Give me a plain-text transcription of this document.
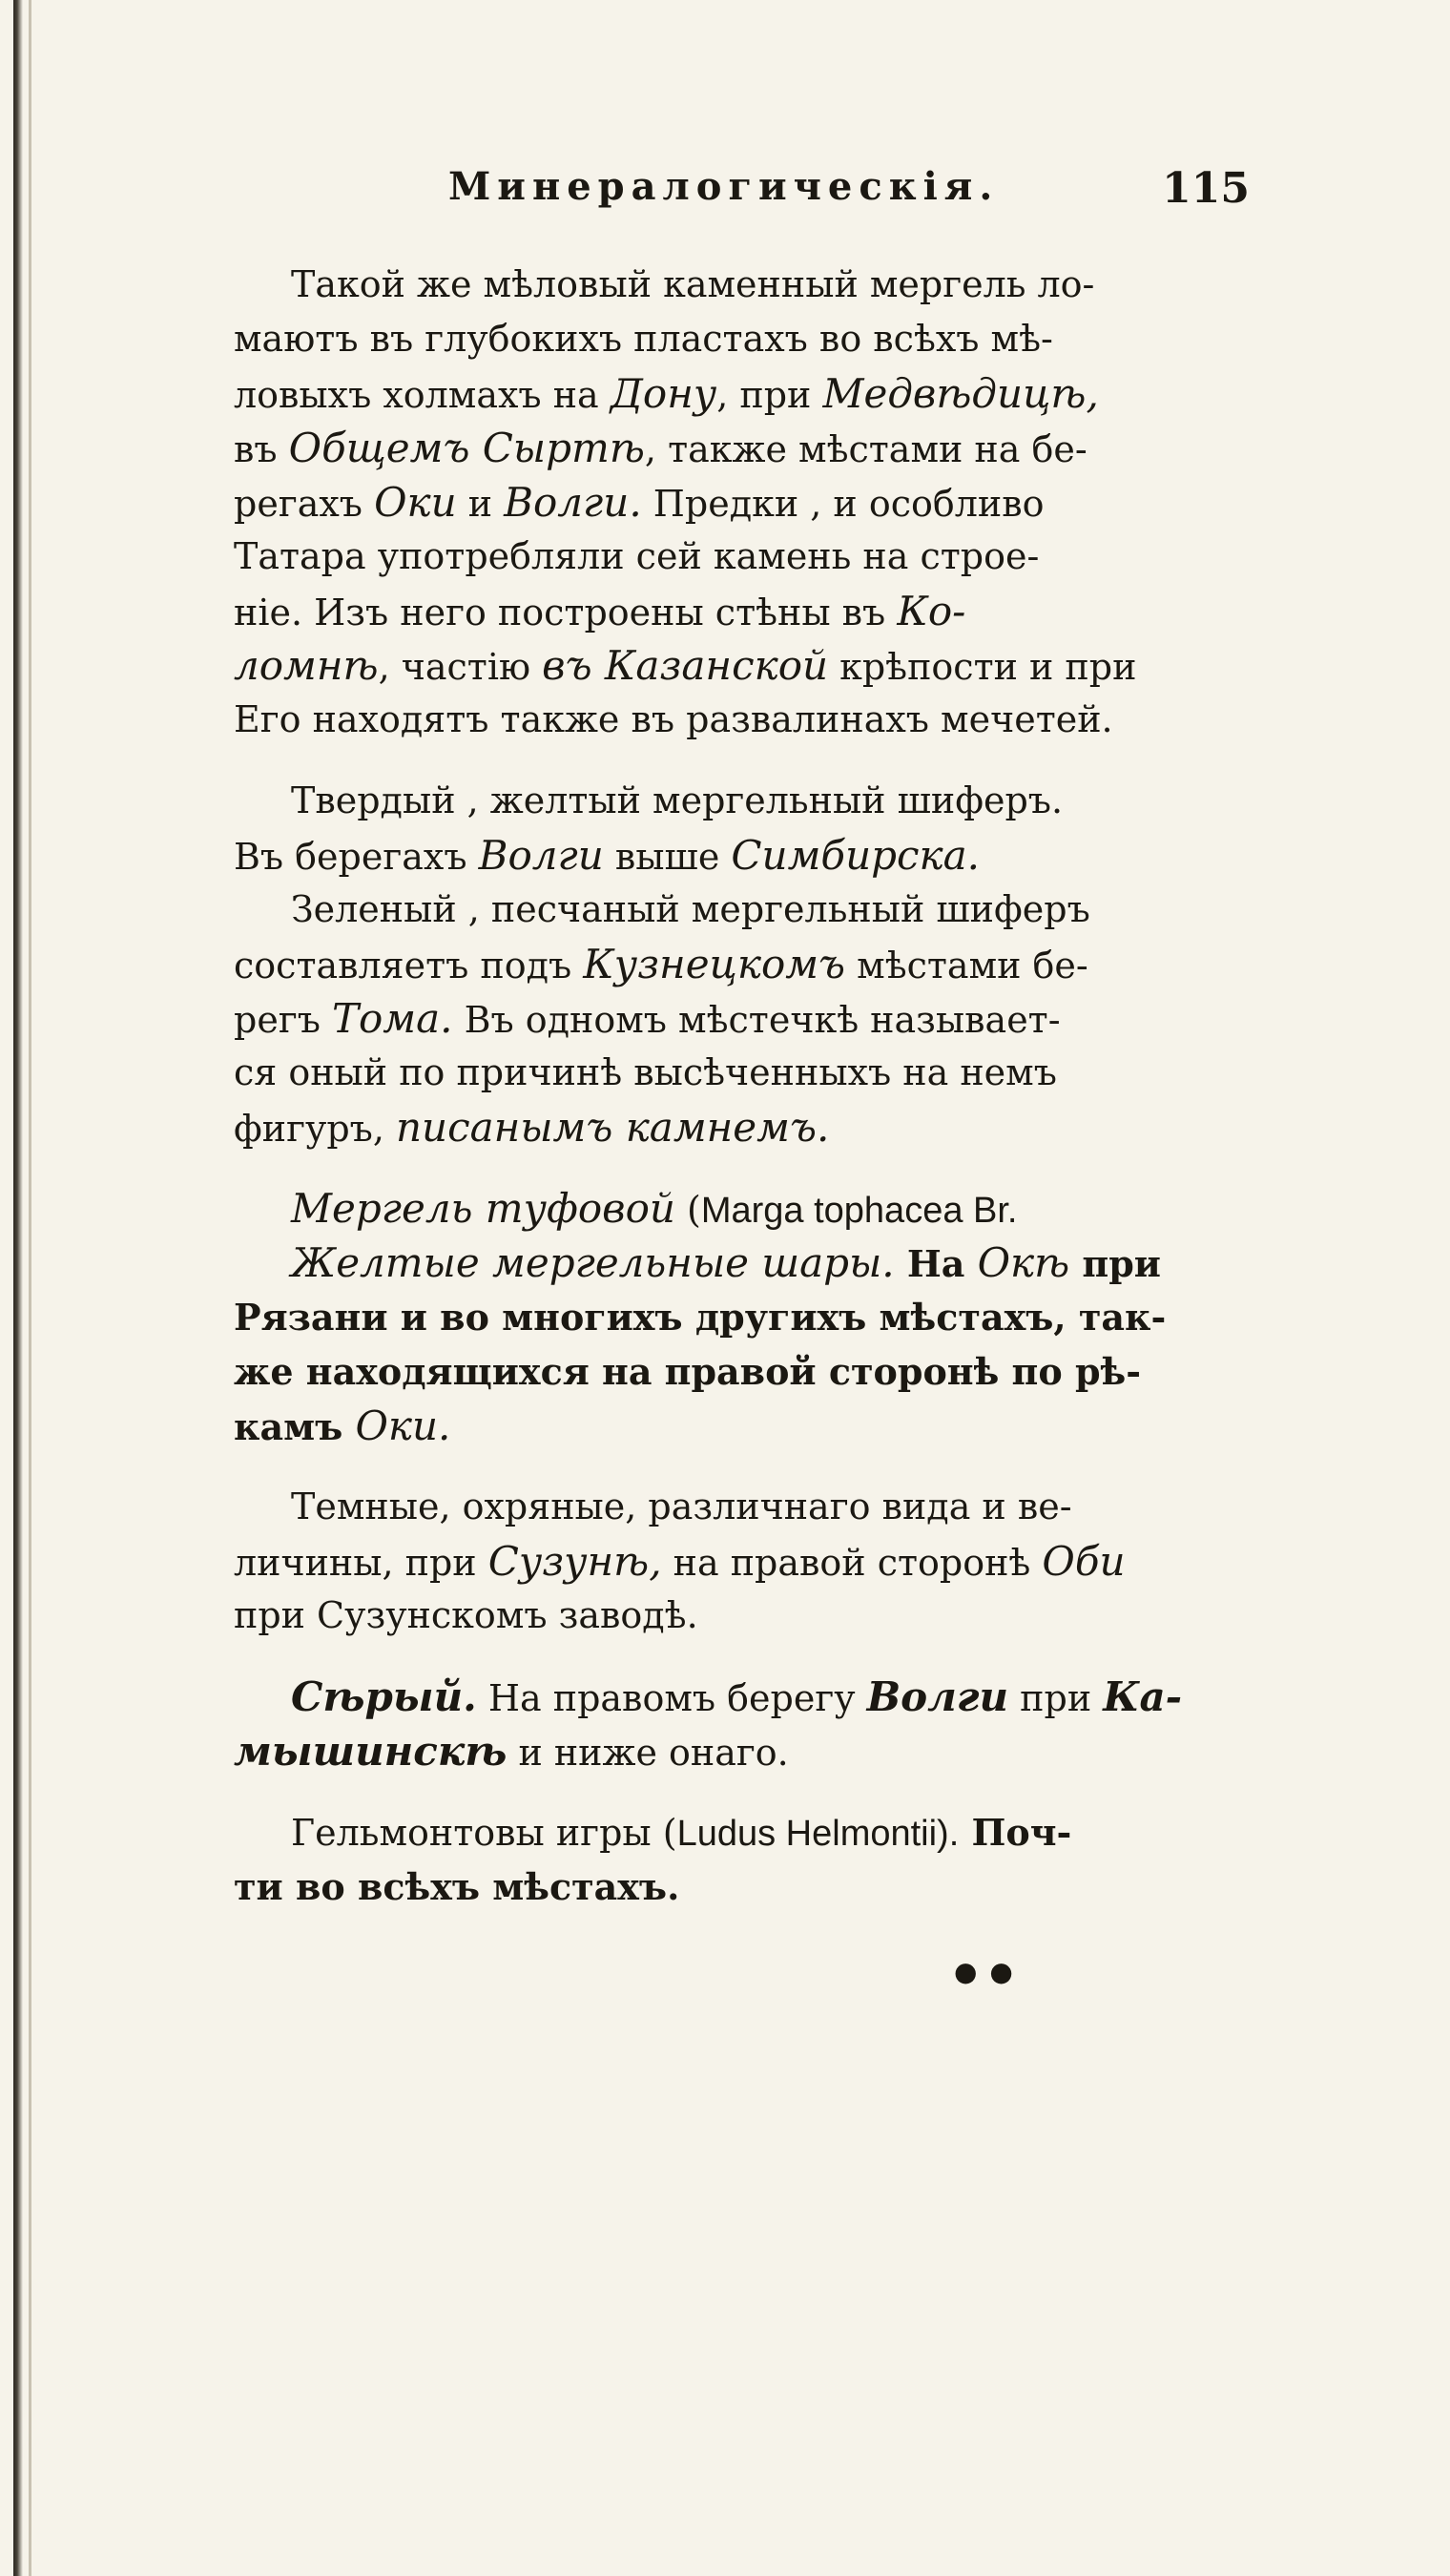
Минералогическія.	115
Такой же мѣловый каменный мергель ло-
маютъ въ глубокихъ пластахъ во всѣхъ мѣ-
ловыхъ холмахъ на Дону, при Медвѣдицѣ,
въ Общемъ Сыртѣ, также мѣстами на бе-
регахъ Оки и Волги. Предки , и особливо
Татара употребляли сей камень на строе-
ніе. Изъ него построены стѣны въ Ко-
ломнѣ, частію въ Казанской крѣпости и при
Его находятъ также въ развалинахъ мечетей.
Твердый , желтый мергельный шиферъ.
Въ берегахъ Волги выше Симбирска.
Зеленый , песчаный мергельный шиферъ
составляетъ подъ Кузнецкомъ мѣстами бе-
регъ Тома. Въ одномъ мѣстечкѣ называет-
ся оный по причинѣ высѣченныхъ на немъ
фигуръ, писанымъ камнемъ.
Мергель туфовой (Marga tophacea Br.
Желтые мергельные шары. На Окѣ при
Рязани и во многихъ другихъ мѣстахъ, так-
же находящихся на правой сторонѣ по рѣ-
камъ Оки.
Темные, охряные, различнаго вида и ве-
личины, при Сузунѣ, на правой сторонѣ Оби
при Сузунскомъ заводѣ.
Сѣрый. На правомъ берегу Волги при Ка-
мышинскѣ и ниже онаго.
Гельмонтовы игры (Ludus Helmontii). Поч-
ти во всѣхъ мѣстахъ.
● ●
